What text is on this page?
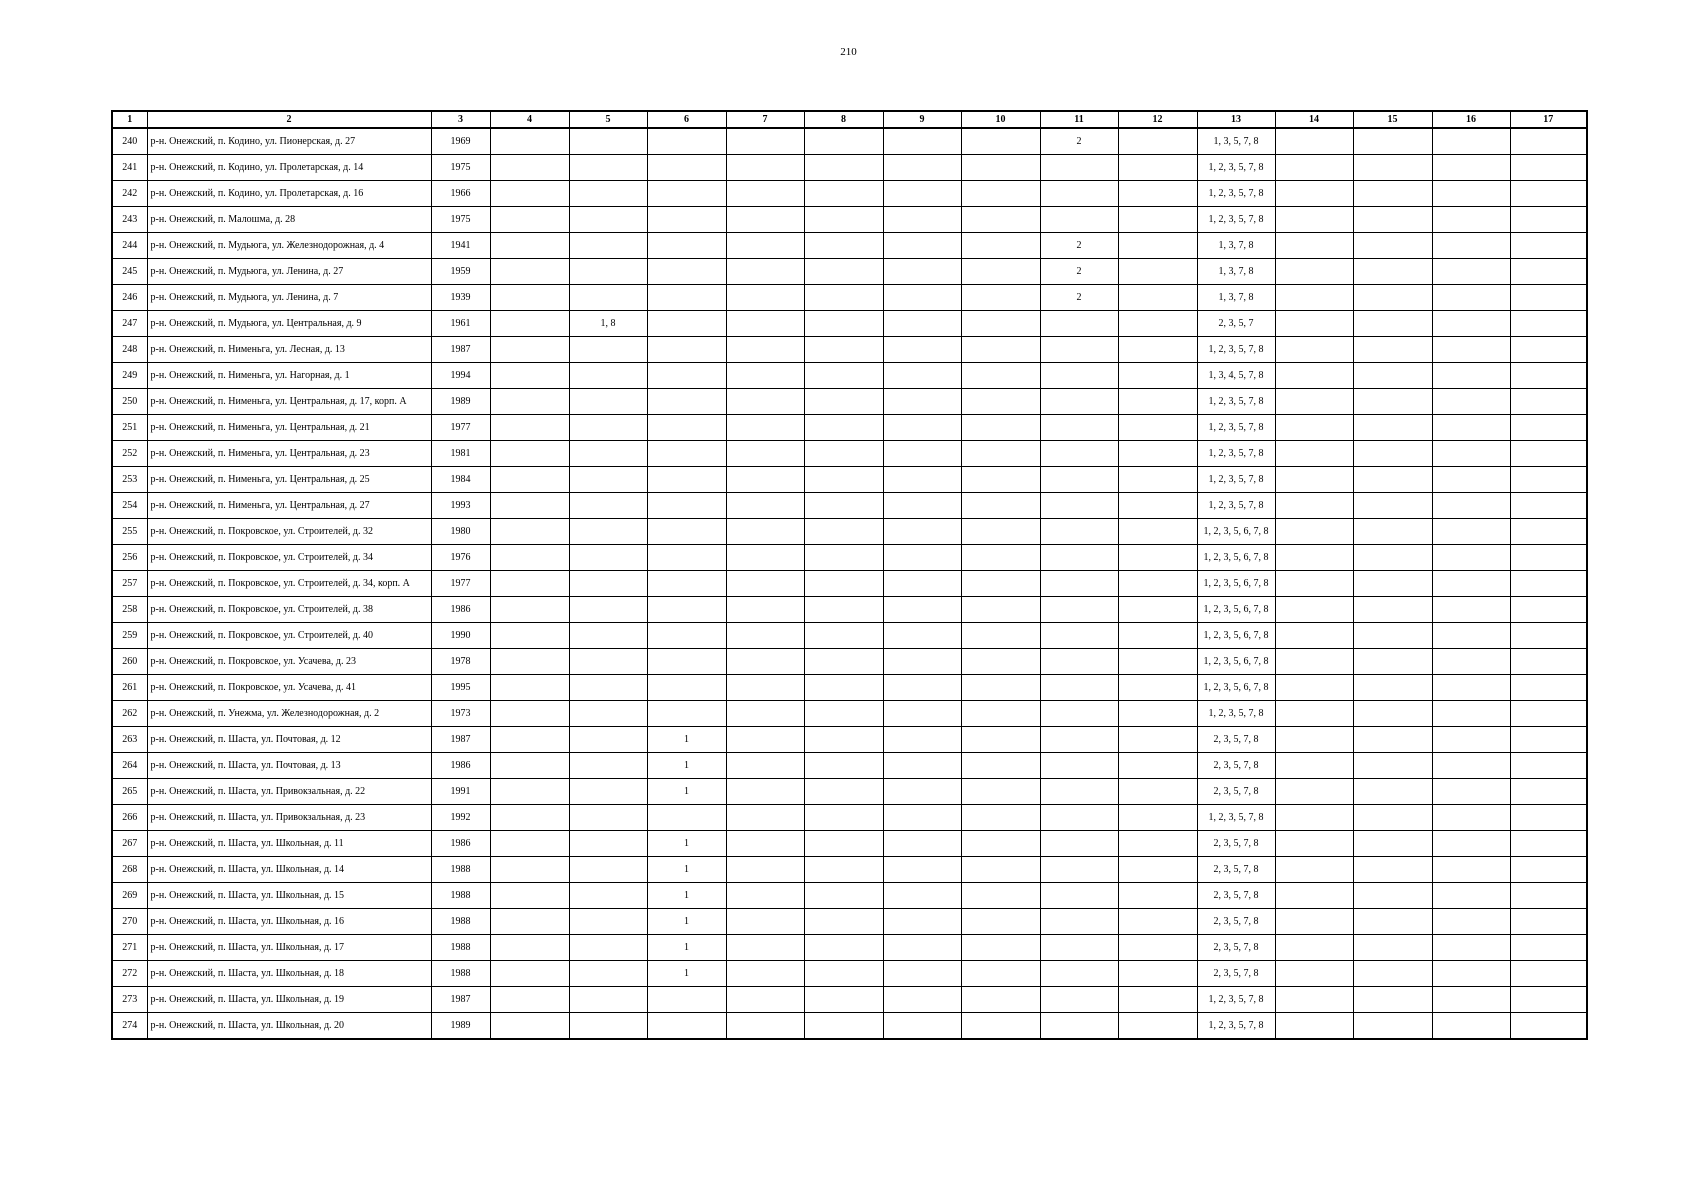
210
1	2	3	4	5	6	7	8	9	10	11	12	13	14	15	16	17
240	р-н. Онежский, п. Кодино, ул. Пионерская, д. 27	1969								2		1, 3, 5, 7, 8				
241	р-н. Онежский, п. Кодино, ул. Пролетарская, д. 14	1975										1, 2, 3, 5, 7, 8				
242	р-н. Онежский, п. Кодино, ул. Пролетарская, д. 16	1966										1, 2, 3, 5, 7, 8				
243	р-н. Онежский, п. Малошма, д. 28	1975										1, 2, 3, 5, 7, 8				
244	р-н. Онежский, п. Мудьюга, ул. Железнодорожная, д. 4	1941								2		1, 3, 7, 8				
245	р-н. Онежский, п. Мудьюга, ул. Ленина, д. 27	1959								2		1, 3, 7, 8				
246	р-н. Онежский, п. Мудьюга, ул. Ленина, д. 7	1939								2		1, 3, 7, 8				
247	р-н. Онежский, п. Мудьюга, ул. Центральная, д. 9	1961		1, 8								2, 3, 5, 7				
248	р-н. Онежский, п. Нименьга, ул. Лесная, д. 13	1987										1, 2, 3, 5, 7, 8				
249	р-н. Онежский, п. Нименьга, ул. Нагорная, д. 1	1994										1, 3, 4, 5, 7, 8				
250	р-н. Онежский, п. Нименьга, ул. Центральная, д. 17, корп. А	1989										1, 2, 3, 5, 7, 8				
251	р-н. Онежский, п. Нименьга, ул. Центральная, д. 21	1977										1, 2, 3, 5, 7, 8				
252	р-н. Онежский, п. Нименьга, ул. Центральная, д. 23	1981										1, 2, 3, 5, 7, 8				
253	р-н. Онежский, п. Нименьга, ул. Центральная, д. 25	1984										1, 2, 3, 5, 7, 8				
254	р-н. Онежский, п. Нименьга, ул. Центральная, д. 27	1993										1, 2, 3, 5, 7, 8				
255	р-н. Онежский, п. Покровское, ул. Строителей, д. 32	1980										1, 2, 3, 5, 6, 7, 8				
256	р-н. Онежский, п. Покровское, ул. Строителей, д. 34	1976										1, 2, 3, 5, 6, 7, 8				
257	р-н. Онежский, п. Покровское, ул. Строителей, д. 34, корп. А	1977										1, 2, 3, 5, 6, 7, 8				
258	р-н. Онежский, п. Покровское, ул. Строителей, д. 38	1986										1, 2, 3, 5, 6, 7, 8				
259	р-н. Онежский, п. Покровское, ул. Строителей, д. 40	1990										1, 2, 3, 5, 6, 7, 8				
260	р-н. Онежский, п. Покровское, ул. Усачева, д. 23	1978										1, 2, 3, 5, 6, 7, 8				
261	р-н. Онежский, п. Покровское, ул. Усачева, д. 41	1995										1, 2, 3, 5, 6, 7, 8				
262	р-н. Онежский, п. Унежма, ул. Железнодорожная, д. 2	1973										1, 2, 3, 5, 7, 8				
263	р-н. Онежский, п. Шаста, ул. Почтовая, д. 12	1987			1							2, 3, 5, 7, 8				
264	р-н. Онежский, п. Шаста, ул. Почтовая, д. 13	1986			1							2, 3, 5, 7, 8				
265	р-н. Онежский, п. Шаста, ул. Привокзальная, д. 22	1991			1							2, 3, 5, 7, 8				
266	р-н. Онежский, п. Шаста, ул. Привокзальная, д. 23	1992										1, 2, 3, 5, 7, 8				
267	р-н. Онежский, п. Шаста, ул. Школьная, д. 11	1986			1							2, 3, 5, 7, 8				
268	р-н. Онежский, п. Шаста, ул. Школьная, д. 14	1988			1							2, 3, 5, 7, 8				
269	р-н. Онежский, п. Шаста, ул. Школьная, д. 15	1988			1							2, 3, 5, 7, 8				
270	р-н. Онежский, п. Шаста, ул. Школьная, д. 16	1988			1							2, 3, 5, 7, 8				
271	р-н. Онежский, п. Шаста, ул. Школьная, д. 17	1988			1							2, 3, 5, 7, 8				
272	р-н. Онежский, п. Шаста, ул. Школьная, д. 18	1988			1							2, 3, 5, 7, 8				
273	р-н. Онежский, п. Шаста, ул. Школьная, д. 19	1987										1, 2, 3, 5, 7, 8				
274	р-н. Онежский, п. Шаста, ул. Школьная, д. 20	1989										1, 2, 3, 5, 7, 8				
